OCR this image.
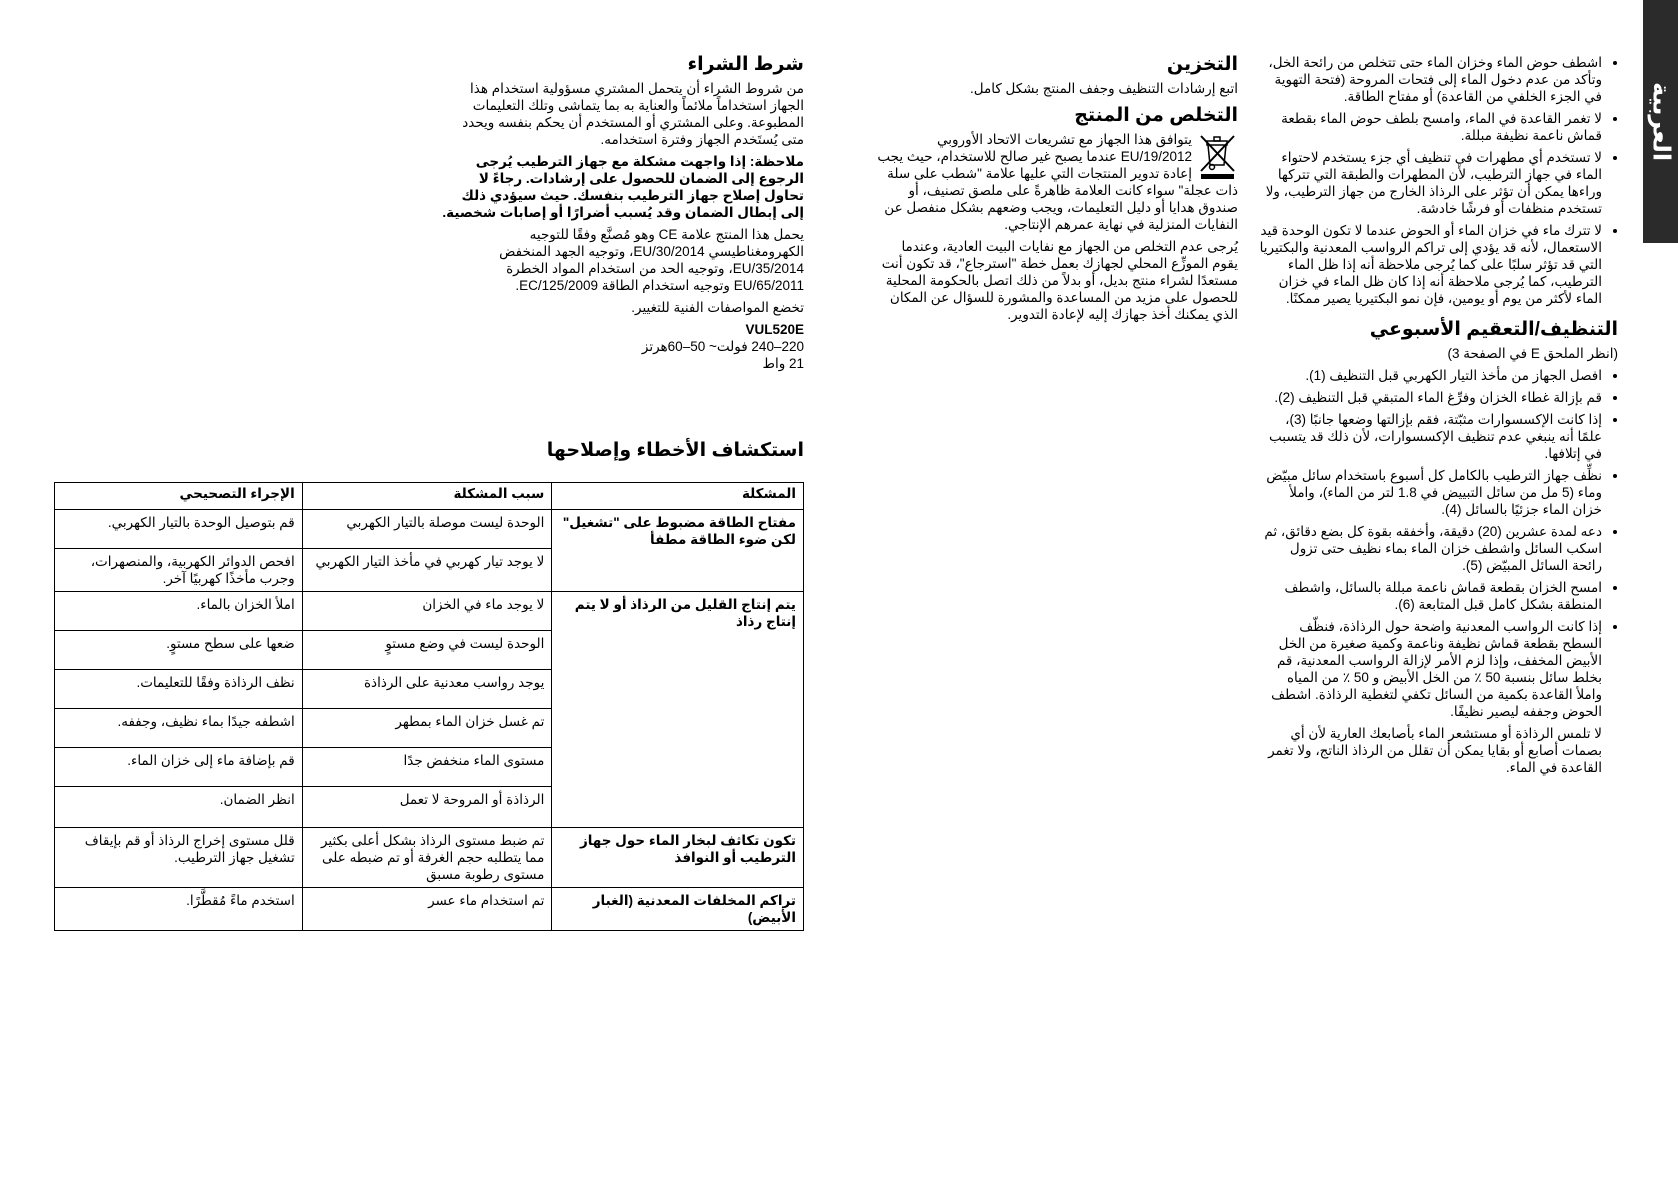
العربية
• اشطف حوض الماء وخزان الماء حتى تتخلص من رائحة الخل، وتأكد من عدم دخول الماء إلى فتحات المروحة (فتحة التهوية في الجزء الخلفي من القاعدة) أو مفتاح الطاقة.
• لا تغمر القاعدة في الماء، وامسح بلطف حوض الماء بقطعة قماش ناعمة نظيفة مبللة.
• لا تستخدم أي مطهرات في تنظيف أي جزء يستخدم لاحتواء الماء في جهاز الترطيب، لأن المطهرات والطبقة التي تتركها وراءها يمكن أن تؤثر على الرذاذ الخارج من جهاز الترطيب، ولا تستخدم منظفات أو فرشًا خادشة.
• لا تترك ماء في خزان الماء أو الحوض عندما لا تكون الوحدة قيد الاستعمال، لأنه قد يؤدي إلى تراكم الرواسب المعدنية والبكتيريا التي قد تؤثر سلبًا على كما يُرجى ملاحظة أنه إذا ظل الماء الترطيب، كما يُرجى ملاحظة أنه إذا كان ظل الماء في خزان الماء لأكثر من يوم أو يومين، فإن نمو البكتيريا يصير ممكنًا.
التنظيف/التعقيم الأسبوعي
(انظر الملحق E في الصفحة 3)
• افصل الجهاز من مأخذ التيار الكهربي قبل التنظيف (1).
• قم بإزالة غطاء الخزان وفرِّغ الماء المتبقي قبل التنظيف (2).
• إذا كانت الإكسسوارات مثبّتة، فقم بإزالتها وضعها جانبًا (3)، علمًا أنه ينبغي عدم تنظيف الإكسسوارات، لأن ذلك قد يتسبب في إتلافها.
• نظِّف جهاز الترطيب بالكامل كل أسبوع باستخدام سائل مبيّض وماء (5 مل من سائل التبييض في 1.8 لتر من الماء)، واملأ خزان الماء جزئيًا بالسائل (4).
• دعه لمدة عشرين (20) دقيقة، وأخفقه بقوة كل بضع دقائق، ثم اسكب السائل واشطف خزان الماء بماء نظيف حتى تزول رائحة السائل المبيّض (5).
• امسح الخزان بقطعة قماش ناعمة مبللة بالسائل، واشطف المنطقة بشكل كامل قبل المتابعة (6).
• إذا كانت الرواسب المعدنية واضحة حول الرذاذة، فنظّف السطح بقطعة قماش نظيفة وناعمة وكمية صغيرة من الخل الأبيض المخفف، وإذا لزم الأمر لإزالة الرواسب المعدنية، قم بخلط سائل بنسبة 50 ٪ من الخل الأبيض و 50 ٪ من المياه واملأ القاعدة بكمية من السائل تكفي لتغطية الرذاذة. اشطف الحوض وجففه ليصير نظيفًا.
لا تلمس الرذاذة أو مستشعر الماء بأصابعك العارية لأن أي بصمات أصابع أو بقايا يمكن أن تقلل من الرذاذ الناتج، ولا تغمر القاعدة في الماء.
التخزين
اتبع إرشادات التنظيف وجفف المنتج بشكل كامل.
التخلص من المنتج
يتوافق هذا الجهاز مع تشريعات الاتحاد الأوروبي EU/19/2012 عندما يصبح غير صالح للاستخدام، حيث يجب إعادة تدوير المنتجات التي عليها علامة "شطب على سلة ذات عجلة" سواء كانت العلامة ظاهرةً على ملصق تصنيف، أو صندوق هدايا أو دليل التعليمات، ويجب وضعهم بشكل منفصل عن النفايات المنزلية في نهاية عمرهم الإنتاجي.
يُرجى عدم التخلص من الجهاز مع نفايات البيت العادية، وعندما يقوم الموزِّع المحلي لجهازك بعمل خطة "استرجاع"، قد تكون أنت مستعدًا لشراء منتج بديل، أو بدلاً من ذلك اتصل بالحكومة المحلية للحصول على مزيد من المساعدة والمشورة للسؤال عن المكان الذي يمكنك أخذ جهازك إليه لإعادة التدوير.
شرط الشراء
من شروط الشراء أن يتحمل المشتري مسؤولية استخدام هذا الجهاز استخداماً ملائماً والعناية به بما يتماشى وتلك التعليمات المطبوعة. وعلى المشتري أو المستخدم أن يحكم بنفسه ويحدد متى يُستَخدم الجهاز وفترة استخدامه.
ملاحظة: إذا واجهت مشكلة مع جهاز الترطيب يُرجى الرجوع إلى الضمان للحصول على إرشادات. رجاءً لا تحاول إصلاح جهاز الترطيب بنفسك. حيث سيؤدي ذلك إلى إبطال الضمان وقد يُسبب أضرارًا أو إصابات شخصية.
يحمل هذا المنتج علامة CE وهو مُصنَّع وفقًا للتوجيه الكهرومغناطيسي EU/30/2014، وتوجيه الجهد المنخفض EU/35/2014، وتوجيه الحد من استخدام المواد الخطرة EU/65/2011 وتوجيه استخدام الطاقة EC/125/2009.
تخضع المواصفات الفنية للتغيير.
VUL520E
220–240 فولت~ 50–60هرتز
21 واط
استكشاف الأخطاء وإصلاحها
المشكلة	سبب المشكلة	الإجراء التصحيحي
مفتاح الطاقة مضبوط على "تشغيل" لكن ضوء الطاقة مطفأ	الوحدة ليست موصلة بالتيار الكهربي	قم بتوصيل الوحدة بالتيار الكهربي.
	لا يوجد تيار كهربي في مأخذ التيار الكهربي	افحص الدوائر الكهربية، والمنصهرات، وجرب مأخذًا كهربيًا آخر.
يتم إنتاج القليل من الرذاذ أو لا يتم إنتاج رذاذ	لا يوجد ماء في الخزان	املأ الخزان بالماء.
	الوحدة ليست في وضع مستوٍ	ضعها على سطح مستوٍ.
	يوجد رواسب معدنية على الرذاذة	نظف الرذاذة وفقًا للتعليمات.
	تم غسل خزان الماء بمطهر	اشطفه جيدًا بماء نظيف، وجففه.
	مستوى الماء منخفض جدًا	قم بإضافة ماء إلى خزان الماء.
	الرذاذة أو المروحة لا تعمل	انظر الضمان.
تكون تكاثف لبخار الماء حول جهاز الترطيب أو النوافذ	تم ضبط مستوى الرذاذ بشكل أعلى بكثير مما يتطلبه حجم الغرفة أو تم ضبطه على مستوى رطوبة مسبق	قلل مستوى إخراج الرذاذ أو قم بإيقاف تشغيل جهاز الترطيب.
تراكم المخلفات المعدنية (الغبار الأبيض)	تم استخدام ماء عسر	استخدم ماءً مُقطَّرًا.
